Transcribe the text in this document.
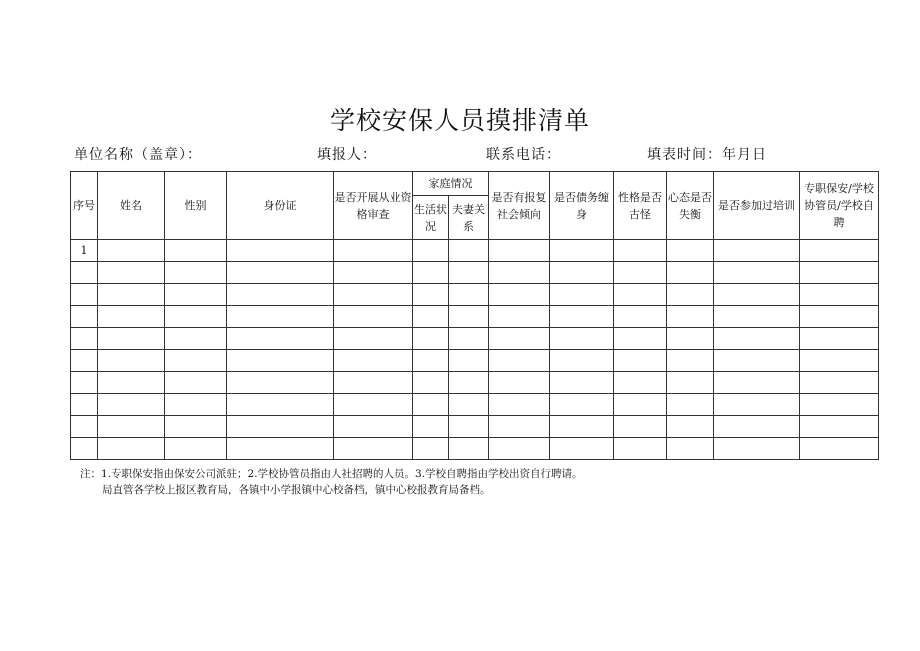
学校安保人员摸排清单
单位名称（盖章）：	填报人：	联系电话：	填表时间：年月日
序号	姓名	性别	身份证	是否开展从业资格审查	家庭情况		是否有报复社会倾向	是否债务缠身	性格是否古怪	心态是否失衡	是否参加过培训	专职保安/学校协管员/学校自聘
					生活状况	夫妻关系						
1												

注：1.专职保安指由保安公司派驻；2.学校协管员指由人社招聘的人员。3.学校自聘指由学校出资自行聘请。
局直管各学校上报区教育局，各镇中小学报镇中心校备档，镇中心校报教育局备档。
